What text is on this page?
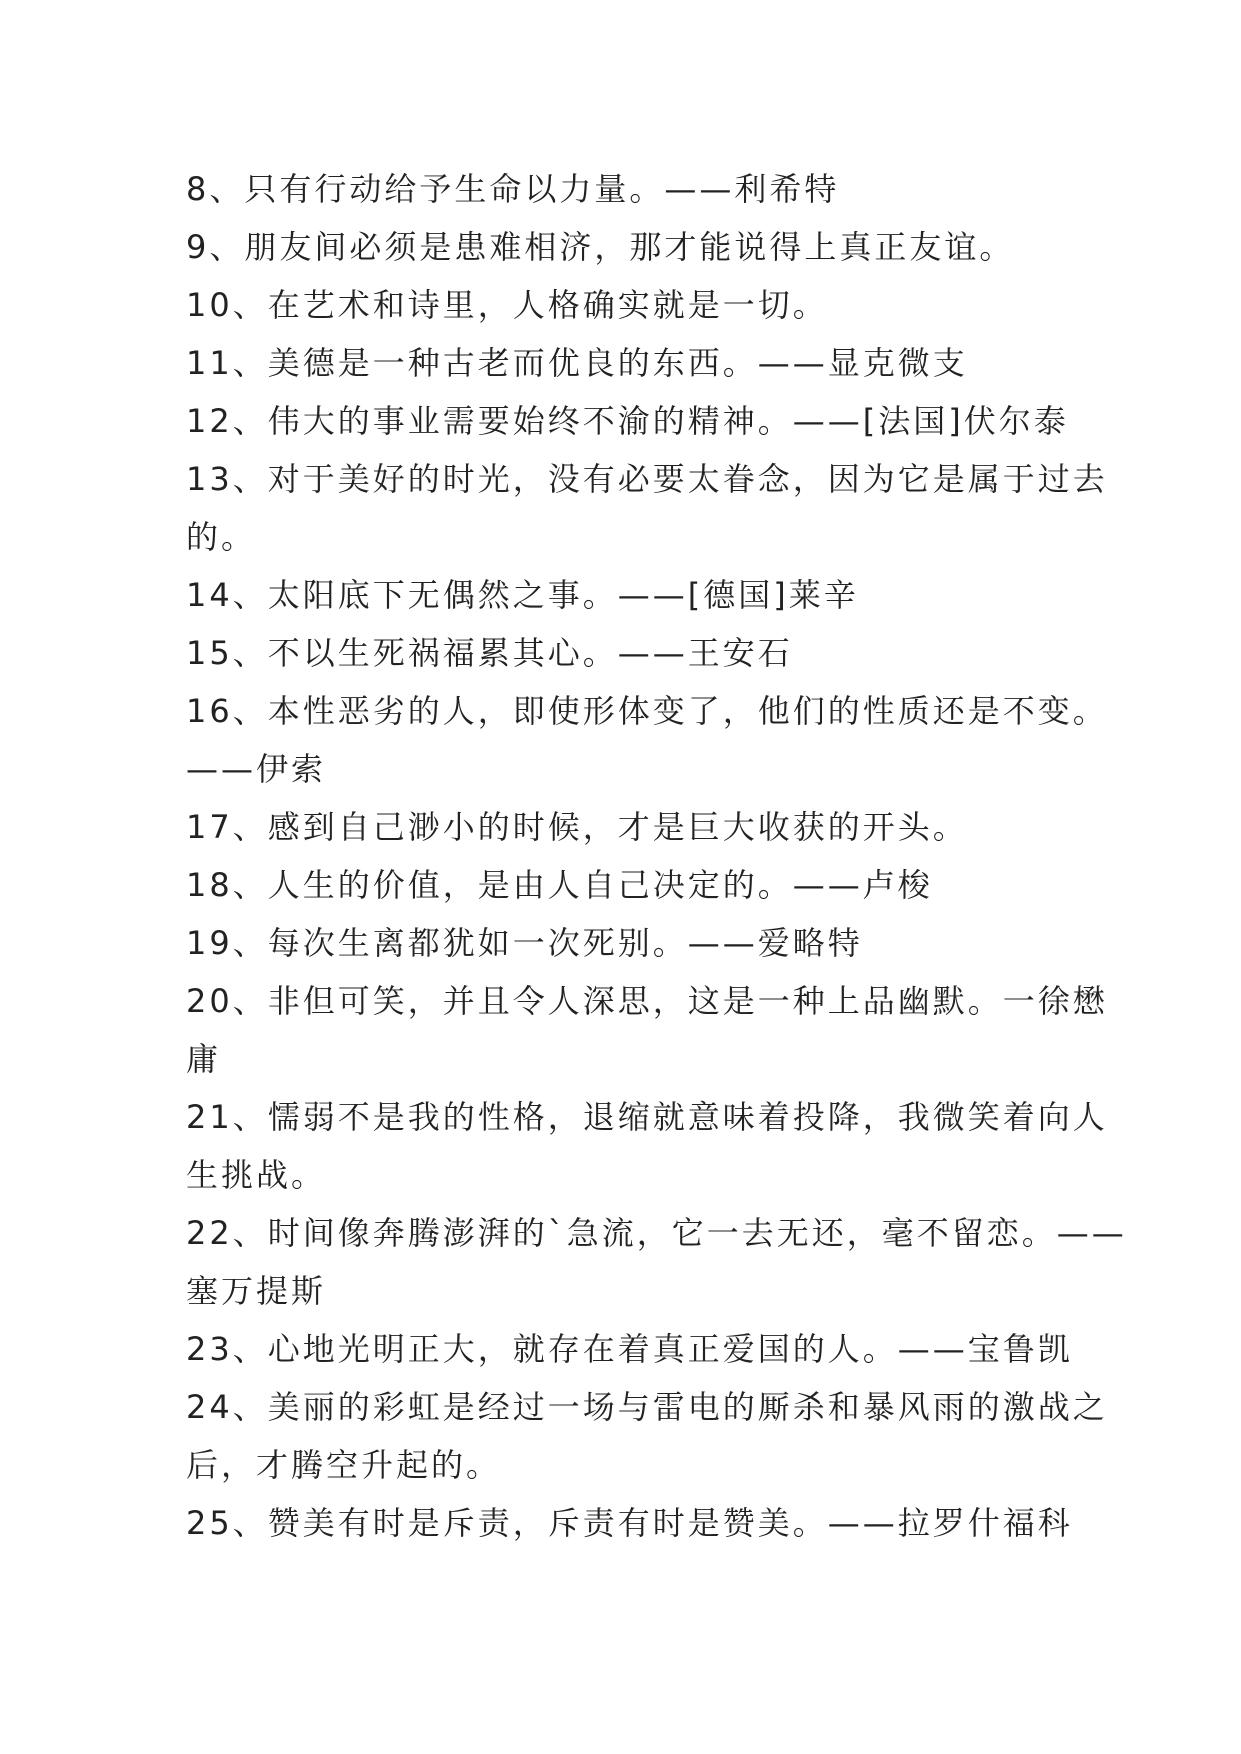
8、只有行动给予生命以力量。——利希特
9、朋友间必须是患难相济，那才能说得上真正友谊。
10、在艺术和诗里，人格确实就是一切。
11、美德是一种古老而优良的东西。——显克微支
12、伟大的事业需要始终不渝的精神。——[法国]伏尔泰
13、对于美好的时光，没有必要太眷念，因为它是属于过去
的。
14、太阳底下无偶然之事。——[德国]莱辛
15、不以生死祸福累其心。——王安石
16、本性恶劣的人，即使形体变了，他们的性质还是不变。
——伊索
17、感到自己渺小的时候，才是巨大收获的开头。
18、人生的价值，是由人自己决定的。——卢梭
19、每次生离都犹如一次死别。——爱略特
20、非但可笑，并且令人深思，这是一种上品幽默。一徐懋
庸
21、懦弱不是我的性格，退缩就意味着投降，我微笑着向人
生挑战。
22、时间像奔腾澎湃的`急流，它一去无还，毫不留恋。——
塞万提斯
23、心地光明正大，就存在着真正爱国的人。——宝鲁凯
24、美丽的彩虹是经过一场与雷电的厮杀和暴风雨的激战之
后，才腾空升起的。
25、赞美有时是斥责，斥责有时是赞美。——拉罗什福科
